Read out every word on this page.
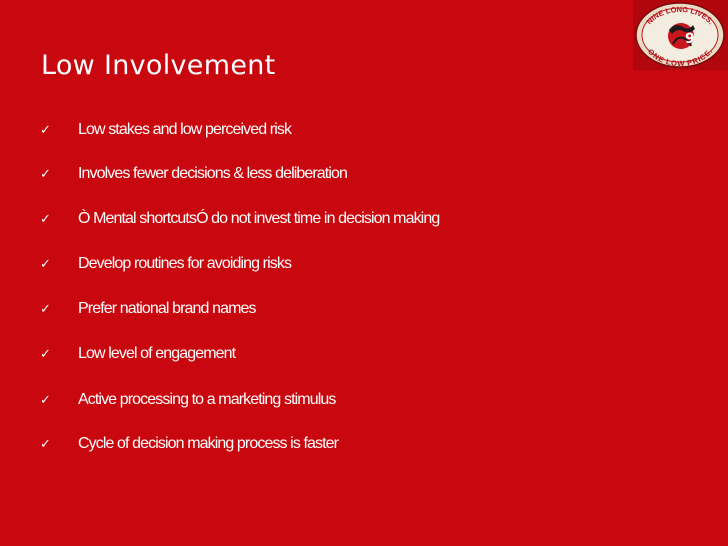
Low Involvement
NINE LONG LIVES.
ONE LOW PRICE.
9
✓	Low stakes and low perceived risk
✓	Involves fewer decisions & less deliberation
✓	Ò Mental shortcutsÓ do not invest time in decision making
✓	Develop routines for avoiding risks
✓	Prefer national brand names
✓	Low level of engagement
✓	Active processing to a marketing stimulus
✓	Cycle of decision making process is faster
